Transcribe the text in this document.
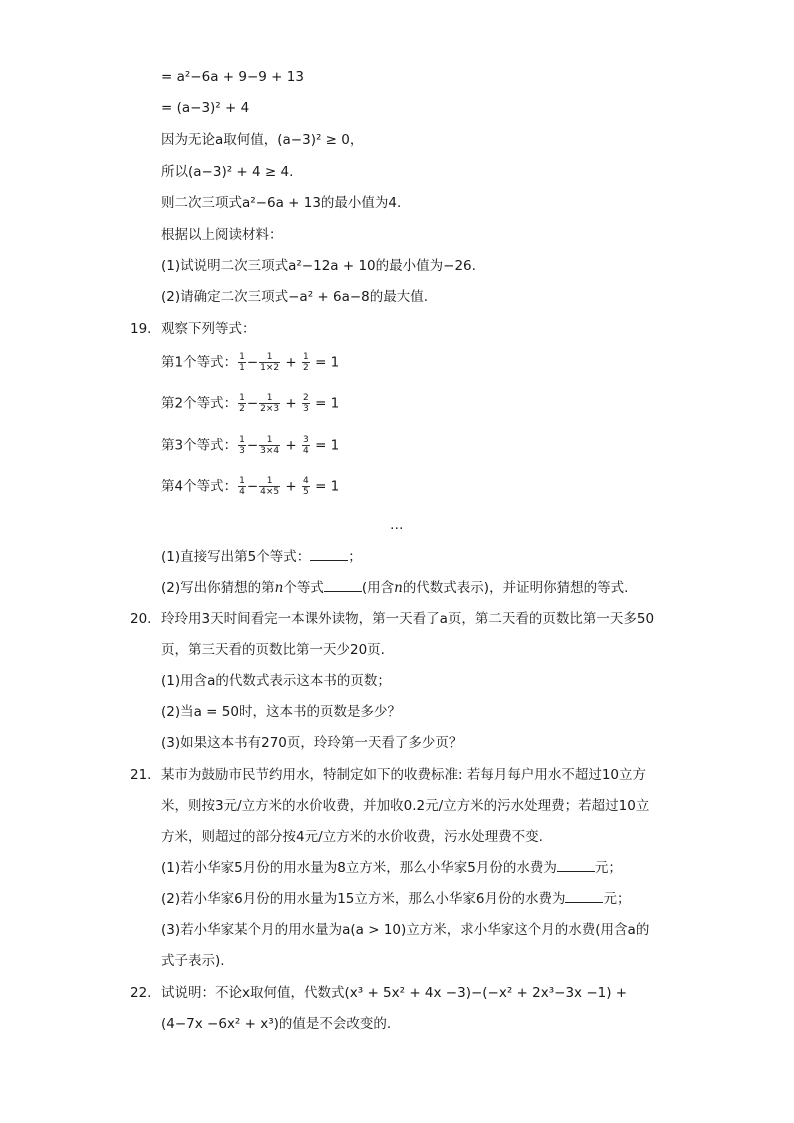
= a²−6a + 9−9 + 13
= (a−3)² + 4
因为无论a取何值，(a−3)² ≥ 0，
所以(a−3)² + 4 ≥ 4.
则二次三项式a²−6a + 13的最小值为4.
根据以上阅读材料：
(1)试说明二次三项式a²−12a + 10的最小值为−26.
(2)请确定二次三项式−a² + 6a−8的最大值.
19. 观察下列等式：
第1个等式： $\frac{1}{1} - \frac{1}{1\times 2} + \frac{1}{2} = 1$
第2个等式： $\frac{1}{2} - \frac{1}{2\times 3} + \frac{2}{3} = 1$
第3个等式： $\frac{1}{3} - \frac{1}{3\times 4} + \frac{3}{4} = 1$
第4个等式： $\frac{1}{4} - \frac{1}{4\times 5} + \frac{4}{5} = 1$
…
(1)直接写出第5个等式：	；
(2)写出你猜想的第n个等式	(用含n的代数式表示)，并证明你猜想的等式.
20. 玲玲用3天时间看完一本课外读物，第一天看了a页，第二天看的页数比第一天多50
页，第三天看的页数比第一天少20页.
(1)用含a的代数式表示这本书的页数；
(2)当a = 50时，这本书的页数是多少？
(3)如果这本书有270页，玲玲第一天看了多少页？
21. 某市为鼓励市民节约用水，特制定如下的收费标准: 若每月每户用水不超过10立方
米，则按3元/立方米的水价收费，并加收0.2元/立方米的污水处理费；若超过10立
方米，则超过的部分按4元/立方米的水价收费，污水处理费不变.
(1)若小华家5月份的用水量为8立方米，那么小华家5月份的水费为	元；
(2)若小华家6月份的用水量为15立方米，那么小华家6月份的水费为	元；
(3)若小华家某个月的用水量为a(a > 10)立方米，求小华家这个月的水费(用含a的
式子表示).
22. 试说明：不论x取何值，代数式(x³ + 5x² + 4x −3)−(−x² + 2x³−3x −1) +
(4−7x −6x² + x³)的值是不会改变的.
